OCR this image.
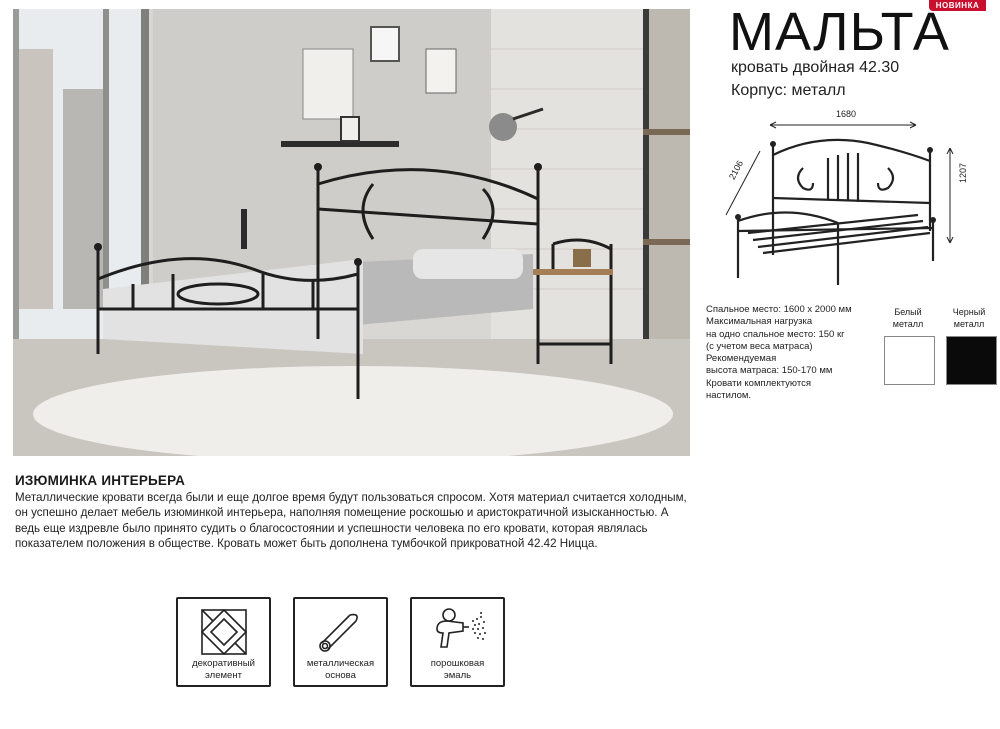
НОВИНКА
МАЛЬТА
кровать двойная 42.30
Корпус: металл
1680
2106	1207
Спальное место: 1600 х 2000 мм
Максимальная нагрузка
на одно спальное место: 150 кг
(с учетом веса матраса)
Рекомендуемая
высота матраса: 150-170 мм
Кровати комплектуются
настилом.
Белый
металл
Черный
металл
ИЗЮМИНКА ИНТЕРЬЕРА
Металлические кровати всегда были и еще долгое время будут пользоваться спросом. Хотя материал считается холодным, он успешно делает мебель изюминкой интерьера, наполняя помещение роскошью и аристократичной изысканностью. А ведь еще издревле было принято судить о благосостоянии и успешности человека по его кровати, которая являлась показателем положения в обществе. Кровать может быть дополнена тумбочкой прикроватной 42.42 Ницца.
декоративный
элемент
металлическая
основа
порошковая
эмаль
